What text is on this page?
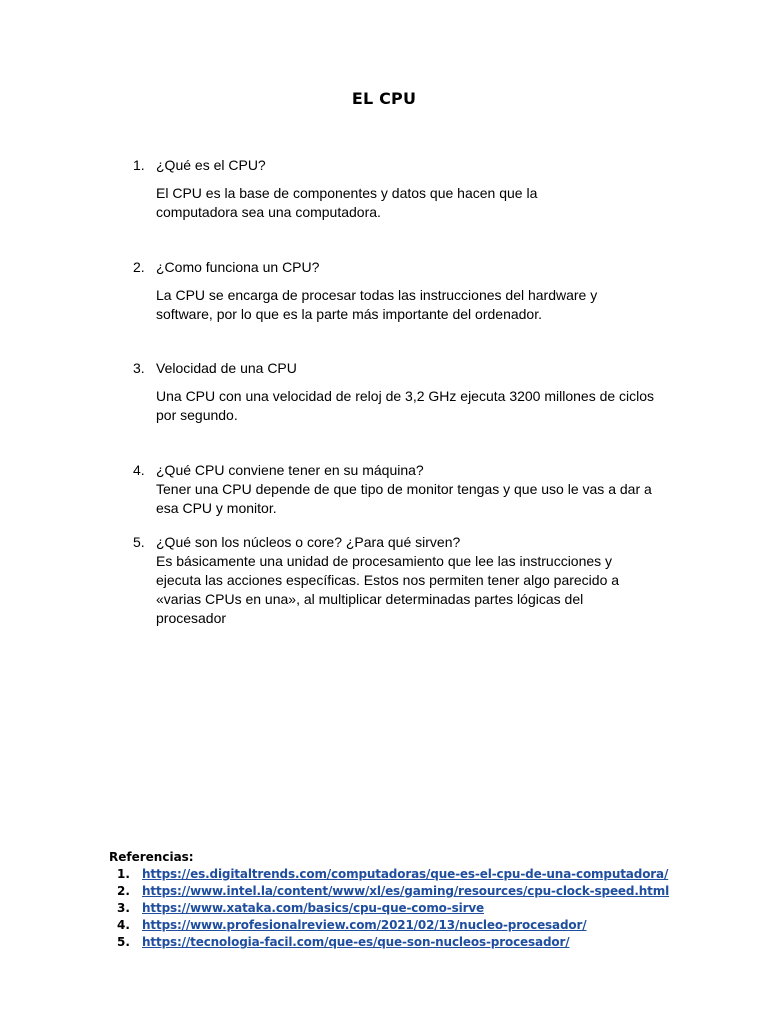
EL CPU
1. ¿Qué es el CPU?
El CPU es la base de componentes y datos que hacen que la computadora sea una computadora.
2. ¿Como funciona un CPU?
La CPU se encarga de procesar todas las instrucciones del hardware y software, por lo que es la parte más importante del ordenador.
3. Velocidad de una CPU
Una CPU con una velocidad de reloj de 3,2 GHz ejecuta 3200 millones de ciclos por segundo.
4. ¿Qué CPU conviene tener en su máquina?
Tener una CPU depende de que tipo de monitor tengas y que uso le vas a dar a esa CPU y monitor.
5. ¿Qué son los núcleos o core? ¿Para qué sirven?
Es básicamente una unidad de procesamiento que lee las instrucciones y ejecuta las acciones específicas. Estos nos permiten tener algo parecido a «varias CPUs en una», al multiplicar determinadas partes lógicas del procesador
Referencias:
1.	https://es.digitaltrends.com/computadoras/que-es-el-cpu-de-una-computadora/
2.	https://www.intel.la/content/www/xl/es/gaming/resources/cpu-clock-speed.html
3.	https://www.xataka.com/basics/cpu-que-como-sirve
4.	https://www.profesionalreview.com/2021/02/13/nucleo-procesador/
5.	https://tecnologia-facil.com/que-es/que-son-nucleos-procesador/
